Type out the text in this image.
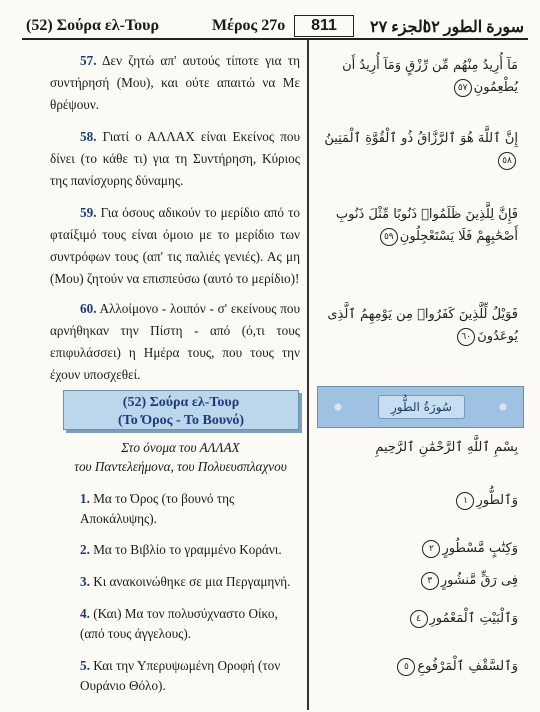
(52) Σούρα ελ-Τουρ	Μέρος 27ο	811	الجزء ٢٧
سورة الطور ٥٢
57. Δεν ζητώ απ' αυτούς τίποτε για τη συντήρησή (Μου), και ούτε απαιτώ να Με θρέψουν.
مَآ أُرِيدُ مِنْهُم مِّن رِّزْقٍ وَمَآ أُرِيدُ أَن يُطْعِمُونِ٥٧
58. Γιατί ο ΑΛΛΑΧ είναι Εκείνος που δίνει (το κάθε τι) για τη Συντήρηση, Κύριος της πανίσχυρης δύναμης.
إِنَّ ٱللَّهَ هُوَ ٱلرَّزَّاقُ ذُو ٱلْقُوَّةِ ٱلْمَتِينُ٥٨
59. Για όσους αδικούν το μερίδιο από το φταίξιμό τους είναι όμοιο με το μερίδιο των συντρόφων τους (απ' τις παλιές γενιές). Ας μη (Μου) ζητούν να επισπεύσω (αυτό το μερίδιο)!
فَإِنَّ لِلَّذِينَ ظَلَمُوا۟ ذَنُوبًا مِّثْلَ ذَنُوبِ أَصْحَٰبِهِمْ فَلَا يَسْتَعْجِلُونِ٥٩
60. Αλλοίμονο - λοιπόν - σ' εκείνους που αρνήθηκαν την Πίστη - από (ό,τι τους επιφυλάσσει) η Ημέρα τους, που τους την έχουν υποσχεθεί.
فَوَيْلٌ لِّلَّذِينَ كَفَرُوا۟ مِن يَوْمِهِمُ ٱلَّذِى يُوعَدُونَ٦٠
(52) Σούρα ελ-Τουρ
(Το Όρος - Το Βουνό)
سُورَةُ الطُّورِ
Στο όνομα του ΑΛΛΑΧ
του Παντελεήμονα, του Πολυευσπλαχνου
بِسْمِ ٱللَّهِ ٱلرَّحْمَٰنِ ٱلرَّحِيمِ
1. Μα το Όρος (το βουνό της Αποκάλυψης).
وَٱلطُّورِ١
2. Μα το Βιβλίο το γραμμένο Κοράνι.	وَكِتَٰبٍ مَّسْطُورٍ٢
3. Κι ανακοινώθηκε σε μια Περγαμηνή.	فِى رَقٍّ مَّنشُورٍ٣
4. (Και) Μα τον πολυσύχναστο Οίκο, (από τους άγγελους).
وَٱلْبَيْتِ ٱلْمَعْمُورِ٤
5. Και την Υπερυψωμένη Οροφή (τον Ουράνιο Θόλο).
وَٱلسَّقْفِ ٱلْمَرْفُوعِ٥
